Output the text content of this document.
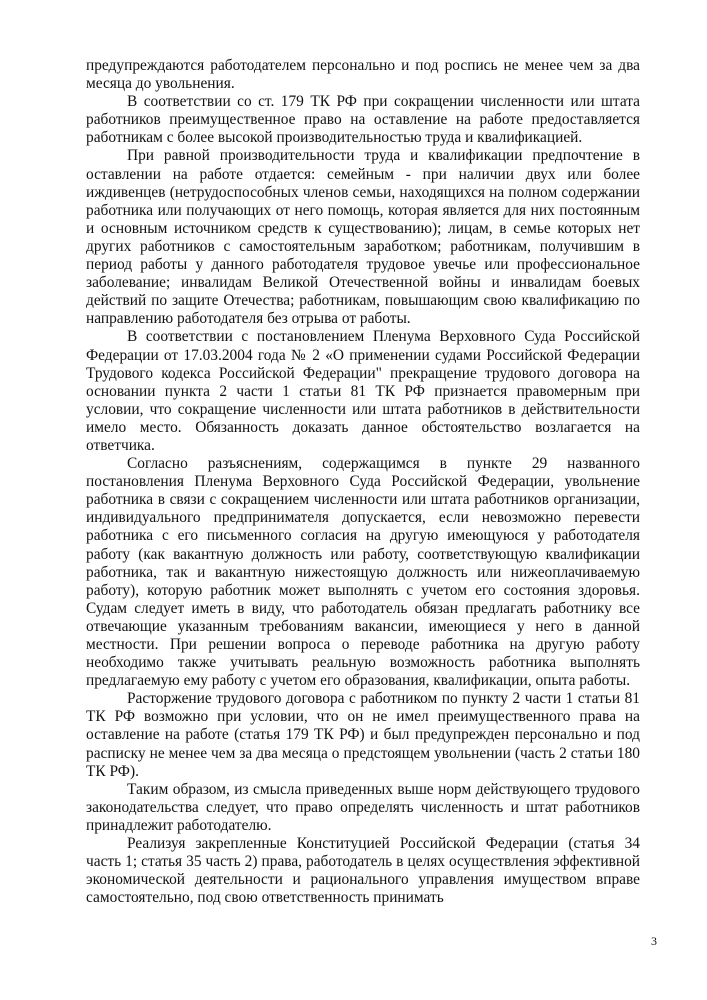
предупреждаются работодателем персонально и под роспись не менее чем за два месяца до увольнения.

В соответствии со ст. 179 ТК РФ при сокращении численности или штата работников преимущественное право на оставление на работе предоставляется работникам с более высокой производительностью труда и квалификацией.

При равной производительности труда и квалификации предпочтение в оставлении на работе отдается: семейным - при наличии двух или более иждивенцев (нетрудоспособных членов семьи, находящихся на полном содержании работника или получающих от него помощь, которая является для них постоянным и основным источником средств к существованию); лицам, в семье которых нет других работников с самостоятельным заработком; работникам, получившим в период работы у данного работодателя трудовое увечье или профессиональное заболевание; инвалидам Великой Отечественной войны и инвалидам боевых действий по защите Отечества; работникам, повышающим свою квалификацию по направлению работодателя без отрыва от работы.

В соответствии с постановлением Пленума Верховного Суда Российской Федерации от 17.03.2004 года № 2 «О применении судами Российской Федерации Трудового кодекса Российской Федерации" прекращение трудового договора на основании пункта 2 части 1 статьи 81 ТК РФ признается правомерным при условии, что сокращение численности или штата работников в действительности имело место. Обязанность доказать данное обстоятельство возлагается на ответчика.

Согласно разъяснениям, содержащимся в пункте 29 названного постановления Пленума Верховного Суда Российской Федерации, увольнение работника в связи с сокращением численности или штата работников организации, индивидуального предпринимателя допускается, если невозможно перевести работника с его письменного согласия на другую имеющуюся у работодателя работу (как вакантную должность или работу, соответствующую квалификации работника, так и вакантную нижестоящую должность или нижеоплачиваемую работу), которую работник может выполнять с учетом его состояния здоровья. Судам следует иметь в виду, что работодатель обязан предлагать работнику все отвечающие указанным требованиям вакансии, имеющиеся у него в данной местности. При решении вопроса о переводе работника на другую работу необходимо также учитывать реальную возможность работника выполнять предлагаемую ему работу с учетом его образования, квалификации, опыта работы.

Расторжение трудового договора с работником по пункту 2 части 1 статьи 81 ТК РФ возможно при условии, что он не имел преимущественного права на оставление на работе (статья 179 ТК РФ) и был предупрежден персонально и под расписку не менее чем за два месяца о предстоящем увольнении (часть 2 статьи 180 ТК РФ).

Таким образом, из смысла приведенных выше норм действующего трудового законодательства следует, что право определять численность и штат работников принадлежит работодателю.

Реализуя закрепленные Конституцией Российской Федерации (статья 34 часть 1; статья 35 часть 2) права, работодатель в целях осуществления эффективной экономической деятельности и рационального управления имуществом вправе самостоятельно, под свою ответственность принимать

3
